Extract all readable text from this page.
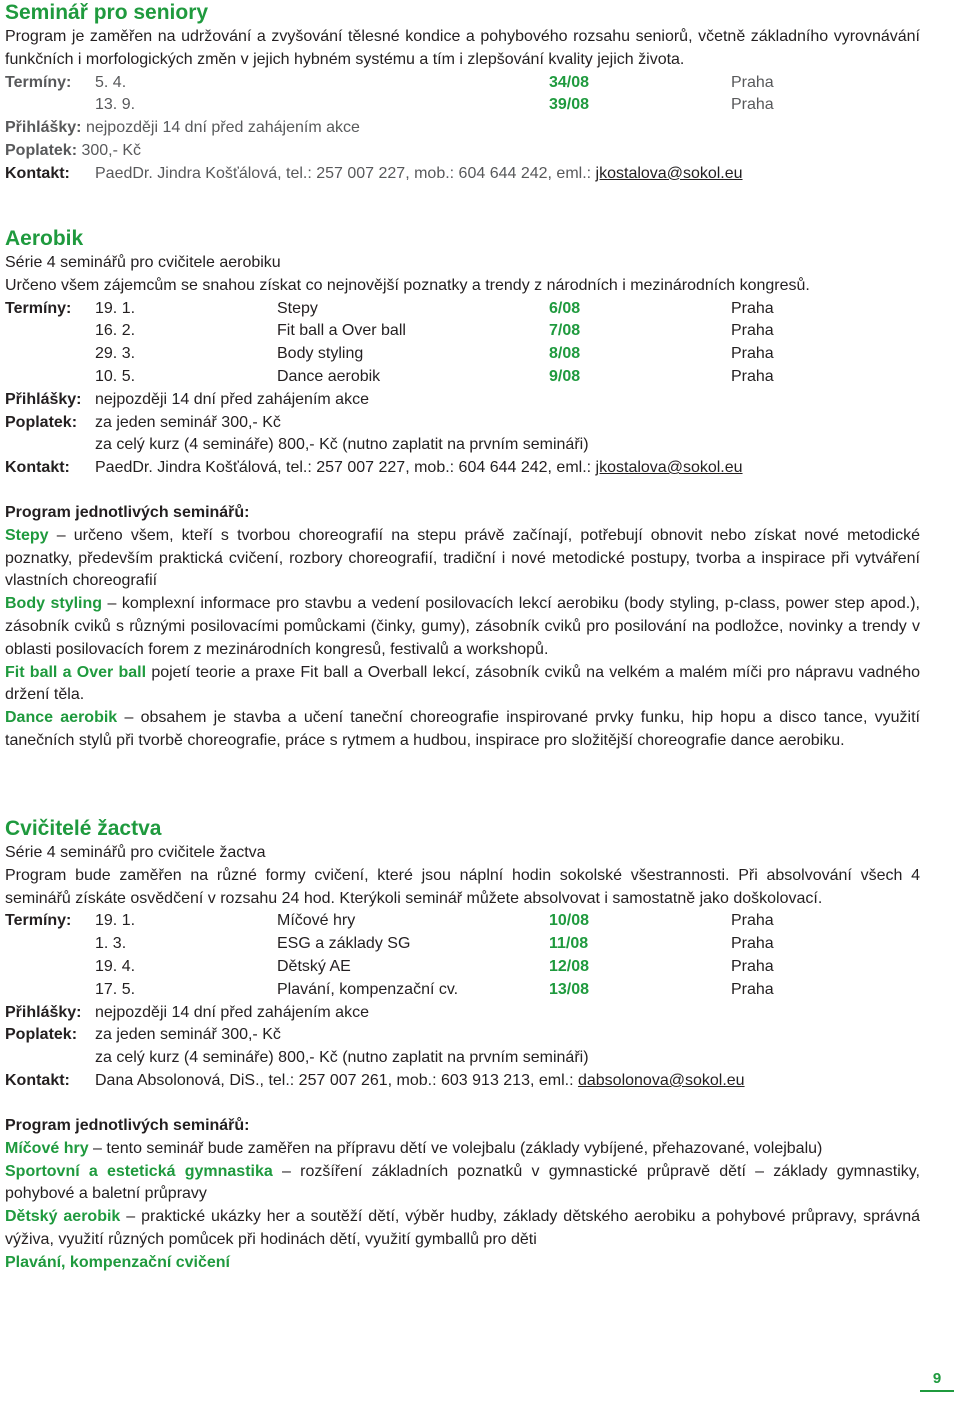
Seminář pro seniory
Program je zaměřen na udržování a zvyšování tělesné kondice a pohybového rozsahu seniorů, včetně základního vyrovnávání funkčních i morfologických změn v jejich hybném systému a tím i zlepšování kvality jejich života.
Termíny: 5. 4.	34/08	Praha
13. 9.	39/08	Praha
Přihlášky: nejpozději 14 dní před zahájením akce
Poplatek: 300,- Kč
Kontakt: PaedDr. Jindra Košťálová, tel.: 257 007 227, mob.: 604 644 242, eml.: jkostalova@sokol.eu
Aerobik
Série 4 seminářů pro cvičitele aerobiku
Určeno všem zájemcům se snahou získat co nejnovější poznatky a trendy z národních i mezinárodních kongresů.
Termíny: 19. 1.	Stepy	6/08	Praha
16. 2.	Fit ball a Over ball	7/08	Praha
29. 3.	Body styling	8/08	Praha
10. 5.	Dance aerobik	9/08	Praha
Přihlášky: nejpozději 14 dní před zahájením akce
Poplatek: za jeden seminář 300,- Kč
za celý kurz (4 semináře) 800,- Kč (nutno zaplatit na prvním semináři)
Kontakt: PaedDr. Jindra Košťálová, tel.: 257 007 227, mob.: 604 644 242, eml.: jkostalova@sokol.eu
Program jednotlivých seminářů:
Stepy – určeno všem, kteří s tvorbou choreografií na stepu právě začínají, potřebují obnovit nebo získat nové metodické poznatky, především praktická cvičení, rozbory choreografií, tradiční i nové metodické postupy, tvorba a inspirace při vytváření vlastních choreografií
Body styling – komplexní informace pro stavbu a vedení posilovacích lekcí aerobiku (body styling, p-class, power step apod.), zásobník cviků s různými posilovacími pomůckami (činky, gumy), zásobník cviků pro posilování na podložce, novinky a trendy v oblasti posilovacích forem z mezinárodních kongresů, festivalů a workshopů.
Fit ball a Over ball pojetí teorie a praxe Fit ball a Overball lekcí, zásobník cviků na velkém a malém míči pro nápravu vadného držení těla.
Dance aerobik – obsahem je stavba a učení taneční choreografie inspirované prvky funku, hip hopu a disco tance, využití tanečních stylů při tvorbě choreografie, práce s rytmem a hudbou, inspirace pro složitější choreografie dance aerobiku.
Cvičitelé žactva
Série 4 seminářů pro cvičitele žactva
Program bude zaměřen na různé formy cvičení, které jsou náplní hodin sokolské všestrannosti. Při absolvování všech 4 seminářů získáte osvědčení v rozsahu 24 hod. Kterýkoli seminář můžete absolvovat i samostatně jako doškolovací.
Termíny: 19. 1.	Míčové hry	10/08	Praha
1. 3.	ESG a základy SG	11/08	Praha
19. 4.	Dětský AE	12/08	Praha
17. 5.	Plavání, kompenzační cv.	13/08	Praha
Přihlášky: nejpozději 14 dní před zahájením akce
Poplatek: za jeden seminář 300,- Kč
za celý kurz (4 semináře) 800,- Kč (nutno zaplatit na prvním semináři)
Kontakt: Dana Absolonová, DiS., tel.: 257 007 261, mob.: 603 913 213, eml.: dabsolonova@sokol.eu
Program jednotlivých seminářů:
Míčové hry – tento seminář bude zaměřen na přípravu dětí ve volejbalu (základy vybíjené, přehazované, volejbalu)
Sportovní a estetická gymnastika – rozšíření základních poznatků v gymnastické průpravě dětí – základy gymnastiky, pohybové a baletní průpravy
Dětský aerobik – praktické ukázky her a soutěží dětí, výběr hudby, základy dětského aerobiku a pohybové průpravy, správná výživa, využití různých pomůcek při hodinách dětí, využití gymballů pro děti
Plavání, kompenzační cvičení
9
